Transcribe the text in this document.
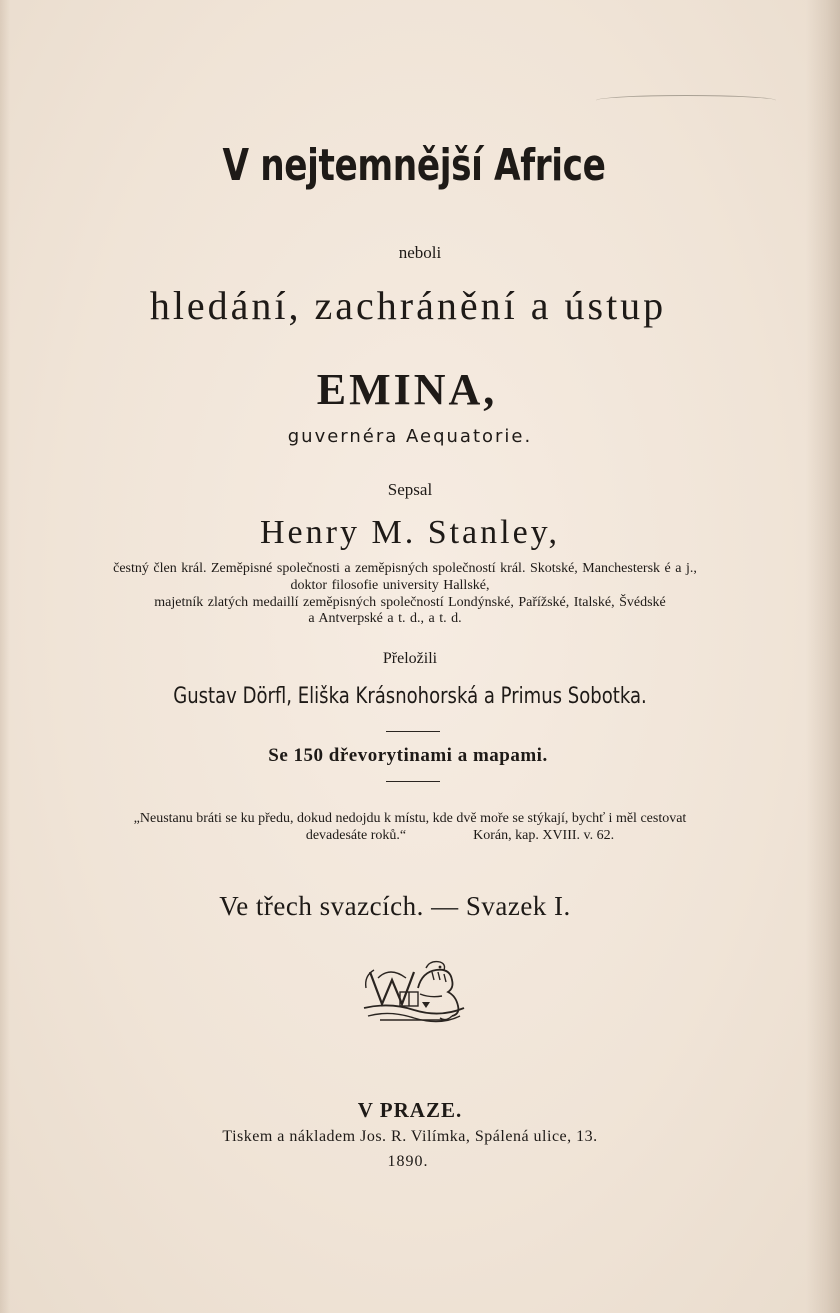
V nejtemnější Africe
neboli
hledání, zachránění a ústup
EMINA,
guvernéra Aequatorie.
Sepsal
Henry M. Stanley,
čestný člen král. Zeměpisné společnosti a zeměpisných společností král. Skotské, Manchestersk é a j.,
doktor filosofie university Hallské,
majetník zlatých medaillí zeměpisných společností Londýnské, Pařížské, Italské, Švédské
a Antverpské a t. d., a t. d.
Přeložili
Gustav Dörfl, Eliška Krásnohorská a Primus Sobotka.
Se 150 dřevorytinami a mapami.
„Neustanu bráti se ku předu, dokud nedojdu k místu, kde dvě moře se stýkají, bychť i měl cestovat
devadesáte roků.“	Korán, kap. XVIII. v. 62.
Ve třech svazcích. — Svazek I.
V PRAZE.
Tiskem a nákladem Jos. R. Vilímka, Spálená ulice, 13.
1890.
